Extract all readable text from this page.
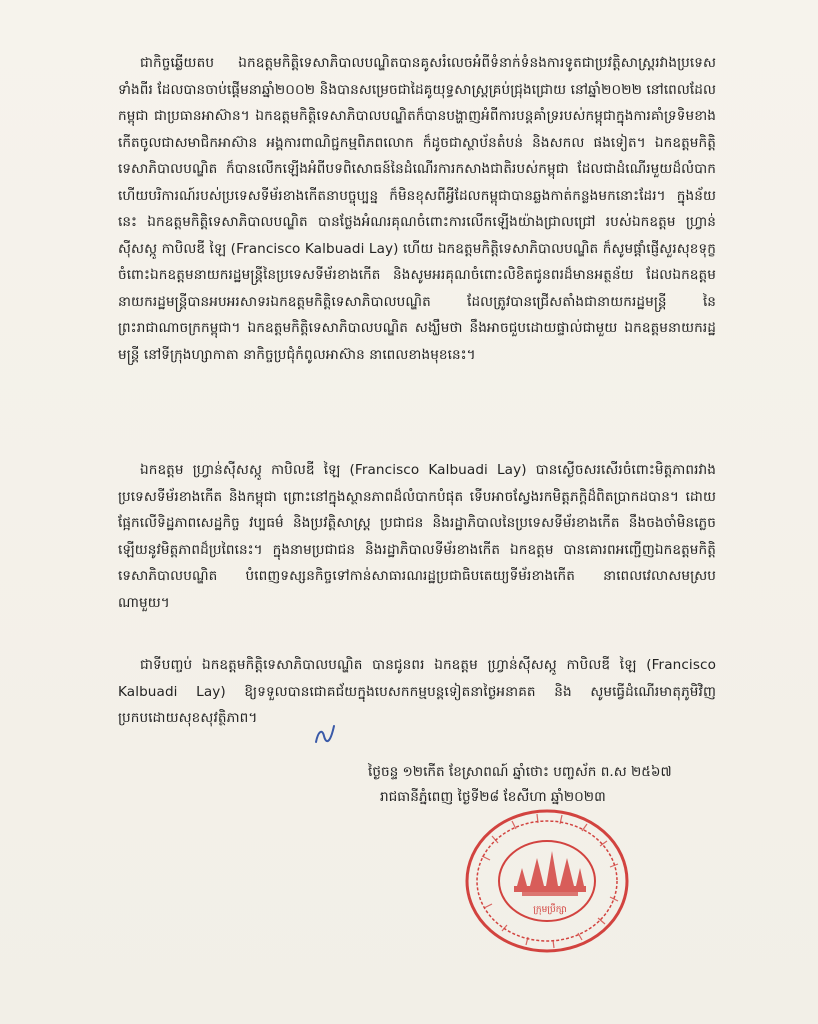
ជាកិច្ចឆ្លើយតប ឯកឧត្តមកិត្តិទេសាភិបាលបណ្ឌិតបានគូសរំលេចអំពីទំនាក់ទំនងការទូតជាប្រវត្តិសាស្ត្ររវាងប្រទេសទាំងពីរ ដែលបានចាប់ផ្តើមនាឆ្នាំ២០០២ និងបានសម្រេចជាដៃគូយុទ្ធសាស្ត្រគ្រប់ជ្រុងជ្រោយ នៅឆ្នាំ២០២២ នៅពេលដែលកម្ពុជា ជាប្រធានអាស៊ាន។ ឯកឧត្តមកិត្តិទេសាភិបាលបណ្ឌិតក៏បានបង្ហាញអំពីការបន្តគាំទ្ររបស់កម្ពុជាក្នុងការគាំទ្រទិមខាងកើតចូលជាសមាជិកអាស៊ាន អង្គការពាណិជ្ជកម្មពិភពលោក ក៏ដូចជាស្ថាប័នតំបន់ និងសកល ផងទៀត។ ឯកឧត្តមកិត្តិទេសាភិបាលបណ្ឌិត ក៏បានលើកឡើងអំពីបទពិសោធន៍នៃដំណើរការកសាងជាតិរបស់កម្ពុជា ដែលជាដំណើរមួយដ៏លំបាក ហើយបរិការណ៍របស់ប្រទេសទីម័រខាងកើតនាបច្ចុប្បន្ន ក៏មិនខុសពីអ្វីដែលកម្ពុជាបានឆ្លងកាត់កន្លងមកនោះដែរ។ ក្នុងន័យនេះ ឯកឧត្តមកិត្តិទេសាភិបាលបណ្ឌិត បានថ្លែងអំណរគុណចំពោះការលើកឡើងយ៉ាងជ្រាលជ្រៅ របស់ឯកឧត្តម ហ្វ្រាន់ស៊ីសស្កូ កាបិលឌី ឡៃ (Francisco Kalbuadi Lay) ហើយ ឯកឧត្តមកិត្តិទេសាភិបាលបណ្ឌិត ក៏សូមផ្តាំផ្ញើសួរសុខទុក្ខចំពោះឯកឧត្តមនាយករដ្ឋមន្ត្រីនៃប្រទេសទីម័រខាងកើត និងសូមអរគុណចំពោះលិខិតជូនពរដ៏មានអត្ថន័យ ដែលឯកឧត្តមនាយករដ្ឋមន្ត្រីបានអបអរសាទរឯកឧត្តមកិត្តិទេសាភិបាលបណ្ឌិត ដែលត្រូវបានជ្រើសតាំងជានាយករដ្ឋមន្ត្រី នៃព្រះរាជាណាចក្រកម្ពុជា។ ឯកឧត្តមកិត្តិទេសាភិបាលបណ្ឌិត សង្ឃឹមថា នឹងអាចជួបដោយផ្ទាល់ជាមួយ ឯកឧត្តមនាយករដ្ឋមន្ត្រី នៅទីក្រុងហ្សាកាតា នាកិច្ចប្រជុំកំពូលអាស៊ាន នាពេលខាងមុខនេះ។

ឯកឧត្តម ហ្វ្រាន់ស៊ីសស្កូ កាបិលឌី ឡៃ (Francisco Kalbuadi Lay) បានស្ងើចសរសើរចំពោះមិត្តភាពរវាងប្រទេសទីម័រខាងកើត និងកម្ពុជា ព្រោះនៅក្នុងស្ថានភាពដ៏លំបាកបំផុត ទើបអាចស្វែងរកមិត្តភក្តិដ៏ពិតប្រាកដបាន។ ដោយផ្អែកលើទិដ្ឋភាពសេដ្ឋកិច្ច វប្បធម៌ និងប្រវត្តិសាស្ត្រ ប្រជាជន និងរដ្ឋាភិបាលនៃប្រទេសទីម័រខាងកើត នឹងចងចាំមិនភ្លេចឡើយនូវមិត្តភាពដ៏ប្រពៃនេះ។ ក្នុងនាមប្រជាជន និងរដ្ឋាភិបាលទីម័រខាងកើត ឯកឧត្តម បានគោរពអញ្ជើញឯកឧត្តមកិត្តិទេសាភិបាលបណ្ឌិត បំពេញទស្សនកិច្ចទៅកាន់សាធារណរដ្ឋប្រជាធិបតេយ្យទីម័រខាងកើត នាពេលវេលាសមស្របណាមួយ។

ជាទីបញ្ចប់ ឯកឧត្តមកិត្តិទេសាភិបាលបណ្ឌិត បានជូនពរ ឯកឧត្តម ហ្វ្រាន់ស៊ីសស្កូ កាបិលឌី ឡៃ (Francisco Kalbuadi Lay) ឱ្យទទួលបានជោគជ័យក្នុងបេសកកម្មបន្តទៀតនាថ្ងៃអនាគត និង សូមធ្វើដំណើរមាតុភូមិវិញប្រកបដោយសុខសុវត្ថិភាព។

ថ្ងៃចន្ទ ១២កើត ខែស្រាពណ៍ ឆ្នាំថោះ បញ្ចស័ក ព.ស ២៥៦៧
រាជធានីភ្នំពេញ ថ្ងៃទី២៨ ខែសីហា ឆ្នាំ២០២៣
ក្រុមប្រឹក្សា
